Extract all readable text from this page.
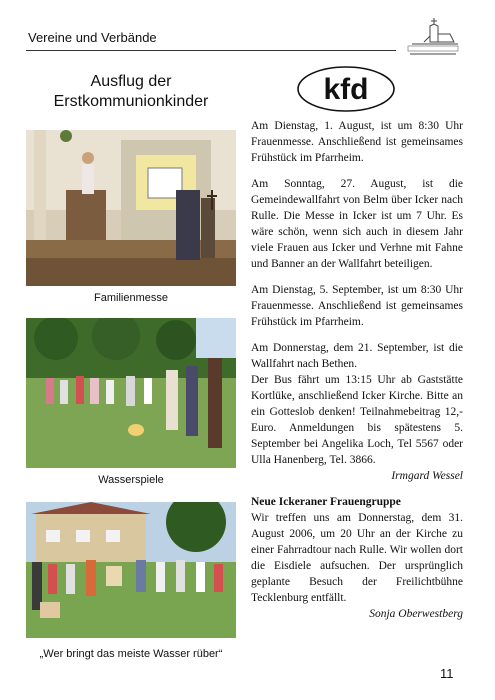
Vereine und Verbände
Ausflug der Erstkommunionkinder
Familienmesse
Wasserspiele
„Wer bringt das meiste Wasser rüber“
kfd

Am Dienstag, 1. August, ist um 8:30 Uhr Frauenmesse. Anschließend ist gemeinsames Frühstück im Pfarrheim.

Am Sonntag, 27. August, ist die Gemeindewallfahrt von Belm über Icker nach Rulle. Die Messe in Icker ist um 7 Uhr. Es wäre schön, wenn sich auch in diesem Jahr viele Frauen aus Icker und Verhne mit Fahne und Banner an der Wallfahrt beteiligen.

Am Dienstag, 5. September, ist um 8:30 Uhr Frauenmesse. Anschließend ist gemeinsames Frühstück im Pfarrheim.

Am Donnerstag, dem 21. September, ist die Wallfahrt nach Bethen.

Der Bus fährt um 13:15 Uhr ab Gaststätte Kortlüke, anschließend Icker Kirche. Bitte an ein Gotteslob denken! Teilnahmebeitrag 12,- Euro. Anmeldungen bis spätestens 5. September bei Angelika Loch, Tel 5567 oder Ulla Hanenberg, Tel. 3866.

Irmgard Wessel

Neue Ickeraner Frauengruppe

Wir treffen uns am Donnerstag, dem 31. August 2006, um 20 Uhr an der Kirche zu einer Fahrradtour nach Rulle. Wir wollen dort die Eisdiele aufsuchen. Der ursprünglich geplante Besuch der Freilichtbühne Tecklenburg entfällt.

Sonja Oberwestberg

11
